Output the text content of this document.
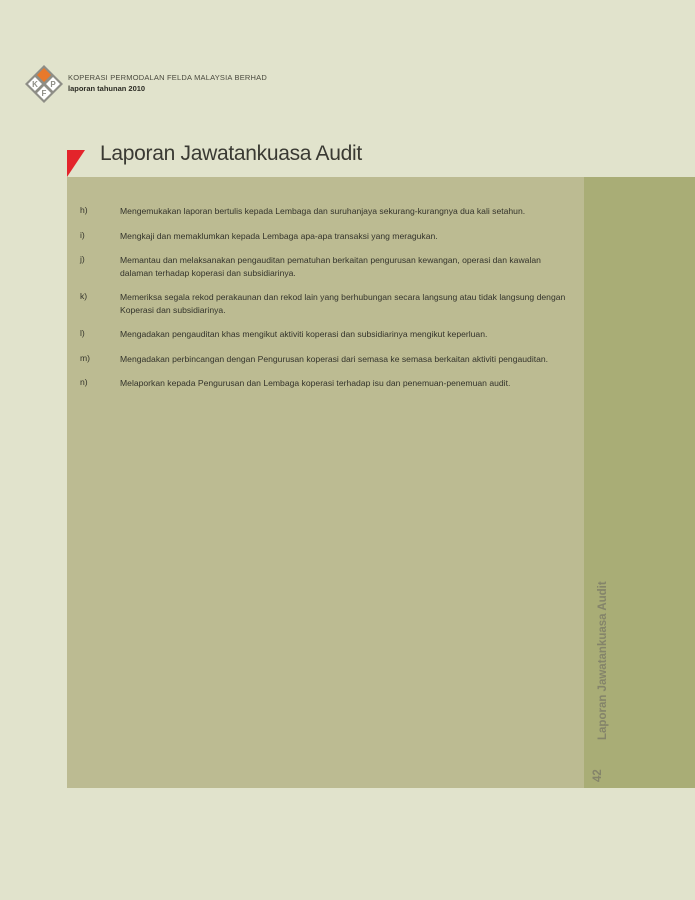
K P
F
KOPERASI PERMODALAN FELDA MALAYSIA BERHAD
laporan tahunan 2010
Laporan Jawatankuasa Audit
h)	Mengemukakan laporan bertulis kepada Lembaga dan suruhanjaya sekurang-kurangnya dua kali setahun.
i)	Mengkaji dan memaklumkan kepada Lembaga apa-apa transaksi yang meragukan.
j)	Memantau dan melaksanakan pengauditan pematuhan berkaitan pengurusan kewangan, operasi dan kawalan dalaman terhadap koperasi dan subsidiarinya.
k)	Memeriksa segala rekod perakaunan dan rekod lain yang berhubungan secara langsung atau tidak langsung dengan Koperasi dan subsidiarinya.
l)	Mengadakan pengauditan khas mengikut aktiviti koperasi dan subsidiarinya mengikut keperluan.
m)	Mengadakan perbincangan dengan Pengurusan koperasi dari semasa ke semasa berkaitan aktiviti pengauditan.
n)	Melaporkan kepada Pengurusan dan Lembaga koperasi terhadap isu dan penemuan-penemuan audit.
Laporan Jawatankuasa Audit
42
